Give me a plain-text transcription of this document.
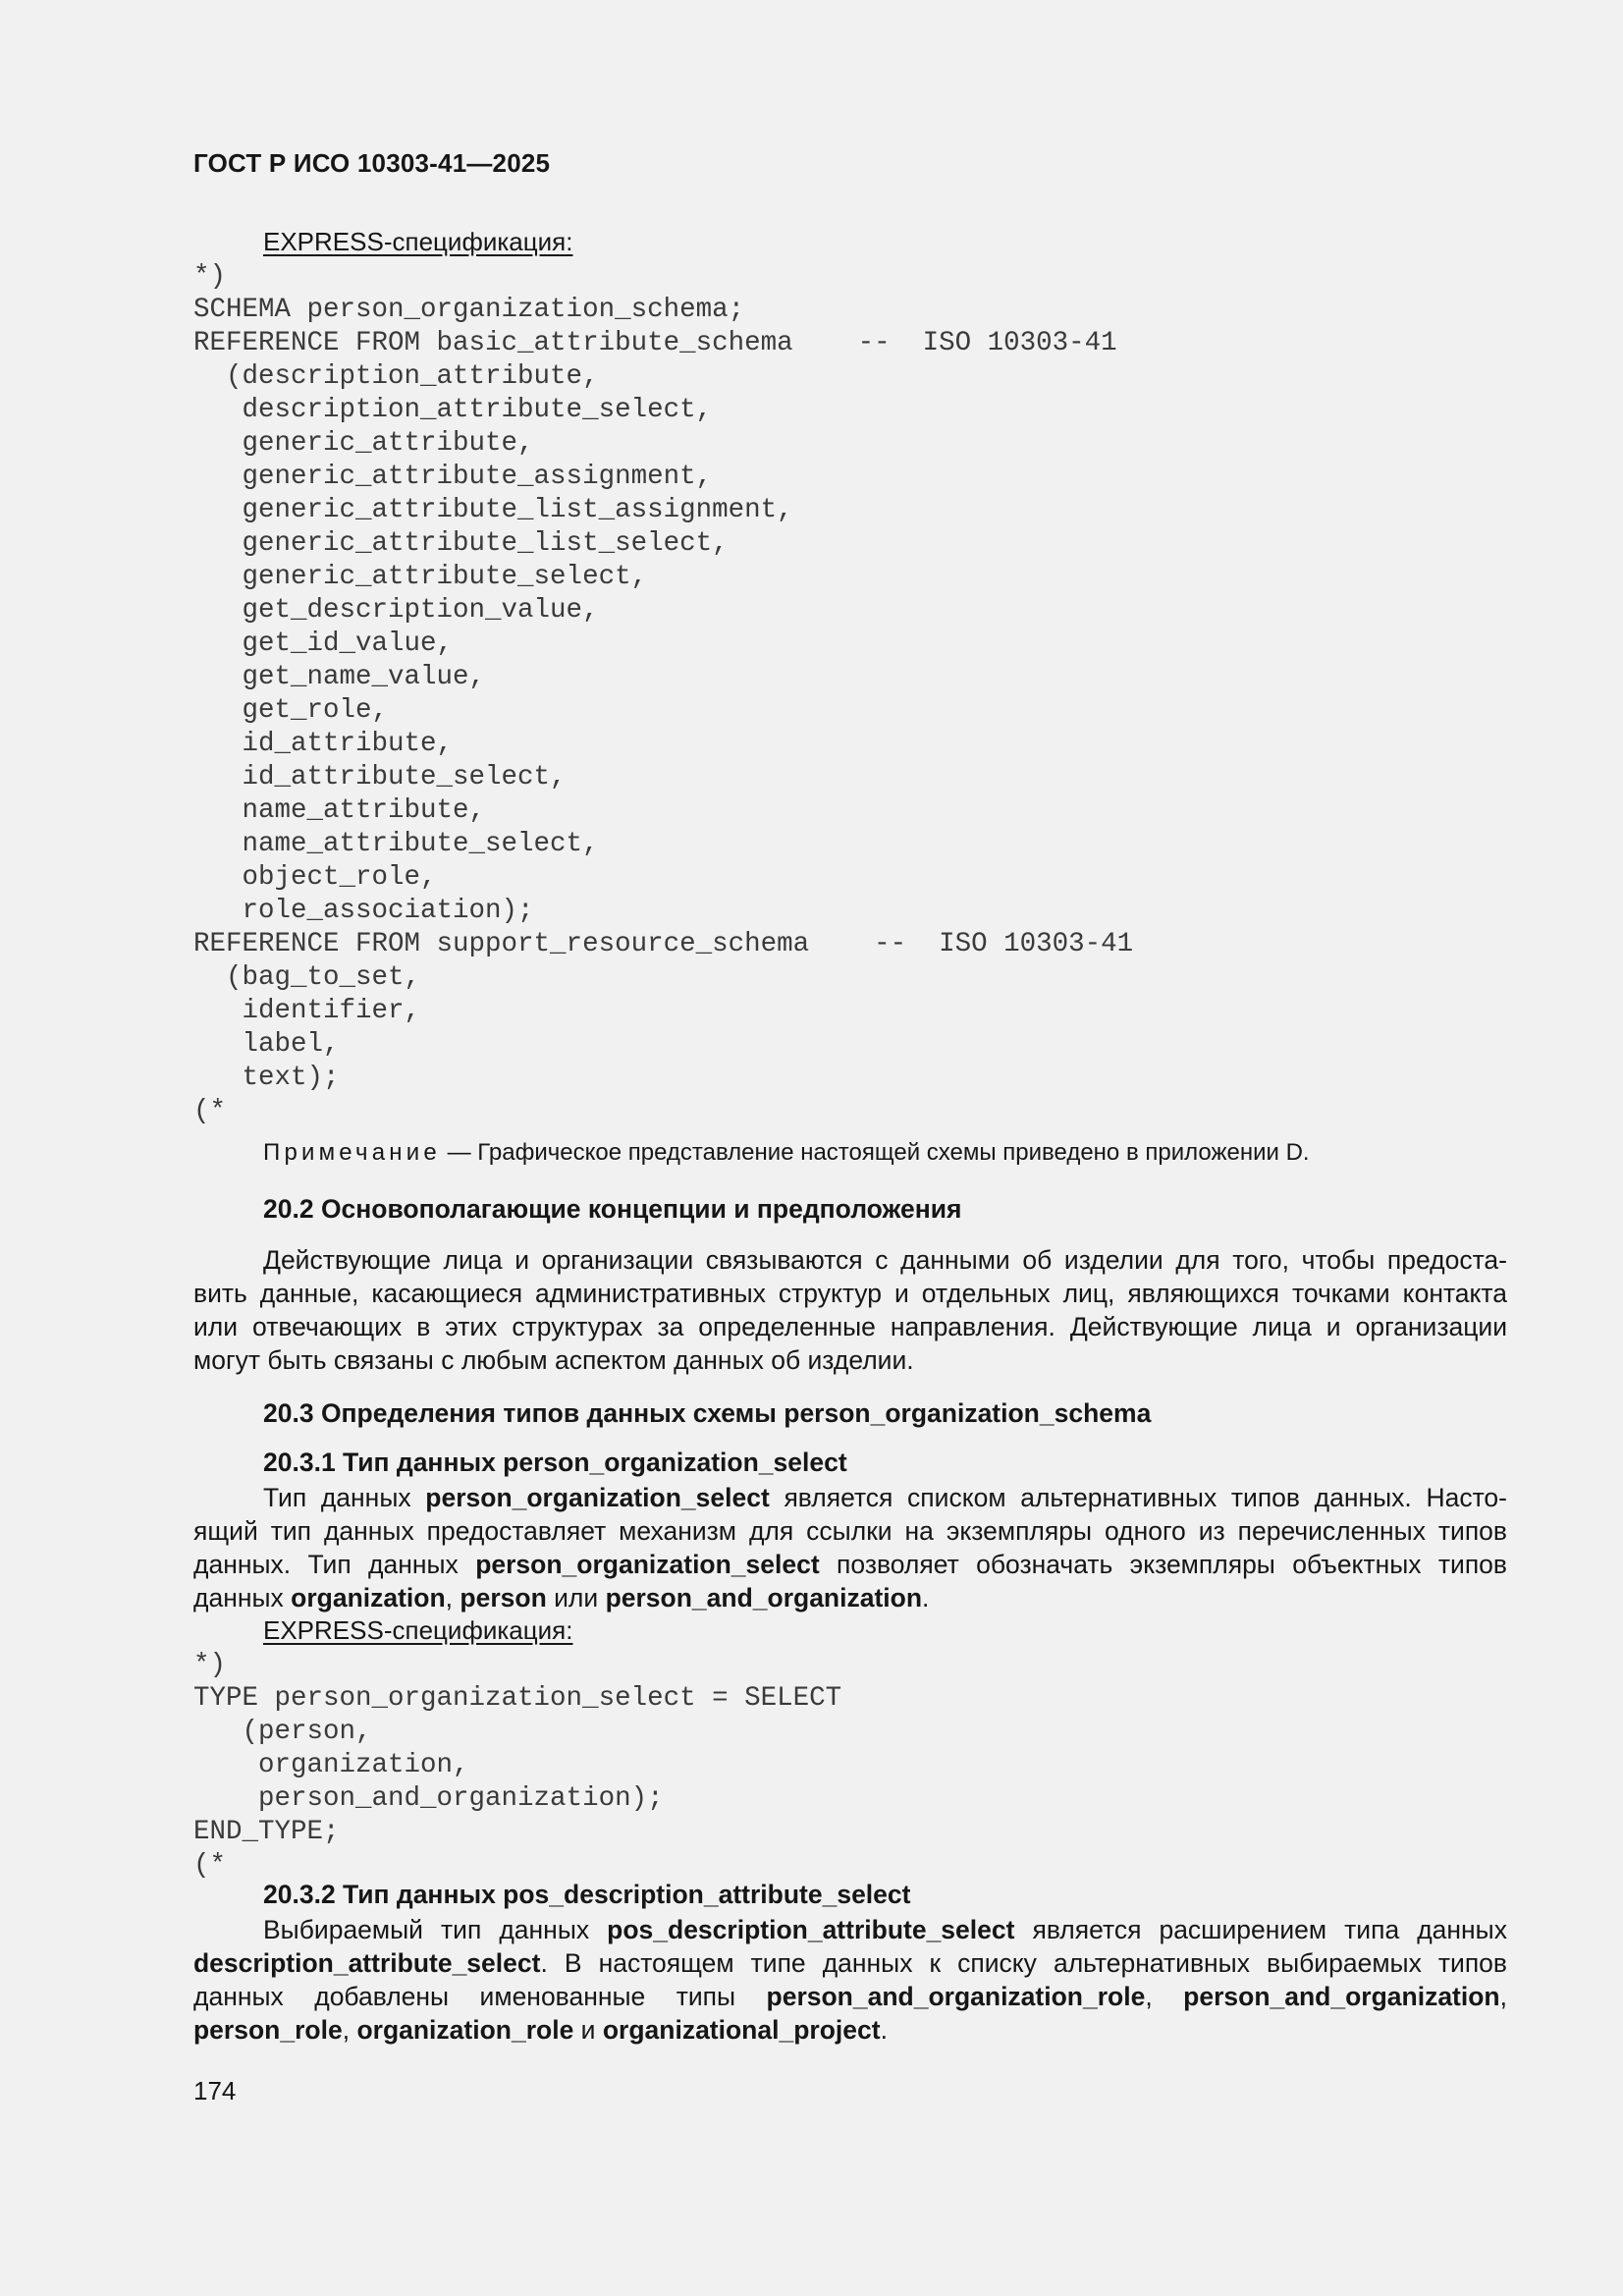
ГОСТ Р ИСО 10303-41—2025
EXPRESS-спецификация:
*)
SCHEMA person_organization_schema;
REFERENCE FROM basic_attribute_schema    --  ISO 10303-41
(description_attribute,
description_attribute_select,
generic_attribute,
generic_attribute_assignment,
generic_attribute_list_assignment,
generic_attribute_list_select,
generic_attribute_select,
get_description_value,
get_id_value,
get_name_value,
get_role,
id_attribute,
id_attribute_select,
name_attribute,
name_attribute_select,
object_role,
role_association);
REFERENCE FROM support_resource_schema    --  ISO 10303-41
(bag_to_set,
identifier,
label,
text);
(*
Примечание — Графическое представление настоящей схемы приведено в приложении D.
20.2 Основополагающие концепции и предположения
Действующие лица и организации связываются с данными об изделии для того, чтобы предоста-
вить данные, касающиеся административных структур и отдельных лиц, являющихся точками контакта
или отвечающих в этих структурах за определенные направления. Действующие лица и организации
могут быть связаны с любым аспектом данных об изделии.
20.3 Определения типов данных схемы person_organization_schema
20.3.1 Тип данных person_organization_select
Тип данных person_organization_select является списком альтернативных типов данных. Насто-
ящий тип данных предоставляет механизм для ссылки на экземпляры одного из перечисленных типов
данных. Тип данных person_organization_select позволяет обозначать экземпляры объектных типов
данных organization, person или person_and_organization.
EXPRESS-спецификация:
*)
TYPE person_organization_select = SELECT
(person,
organization,
person_and_organization);
END_TYPE;
(*
20.3.2 Тип данных pos_description_attribute_select
Выбираемый тип данных pos_description_attribute_select является расширением типа данных
description_attribute_select. В настоящем типе данных к списку альтернативных выбираемых типов
данных добавлены именованные типы person_and_organization_role, person_and_organization,
person_role, organization_role и organizational_project.
174
